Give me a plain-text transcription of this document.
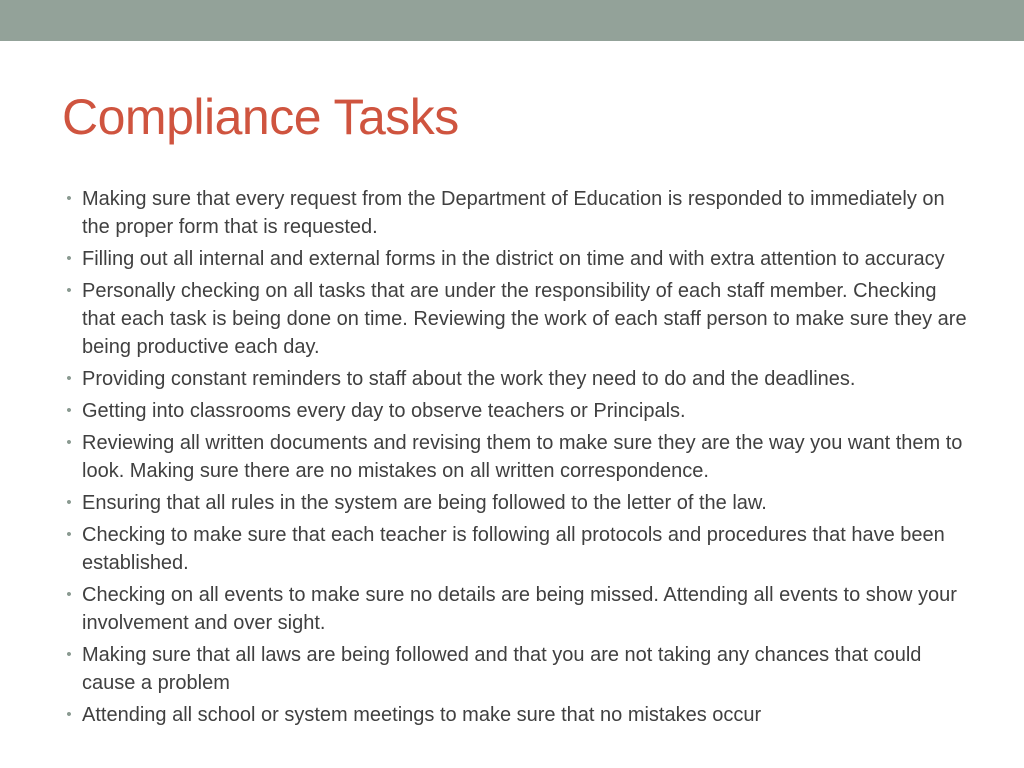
Compliance Tasks
• Making sure that every request from the Department of Education is responded to immediately on the proper form that is requested.
• Filling out all internal and external forms in the district on time and with extra attention to accuracy
• Personally checking on all tasks that are under the responsibility of each staff member. Checking that each task is being done on time. Reviewing the work of each staff person to make sure they are being productive each day.
• Providing constant reminders to staff about the work they need to do and the deadlines.
• Getting into classrooms every day to observe teachers or Principals.
• Reviewing all written documents and revising them to make sure they are the way you want them to look. Making sure there are no mistakes on all written correspondence.
• Ensuring that all rules in the system are being followed to the letter of the law.
• Checking to make sure that each teacher is following all protocols and procedures that have been established.
• Checking on all events to make sure no details are being missed. Attending all events to show your involvement and over sight.
• Making sure that all laws are being followed and that you are not taking any chances that could cause a problem
• Attending all school or system meetings to make sure that no mistakes occur
